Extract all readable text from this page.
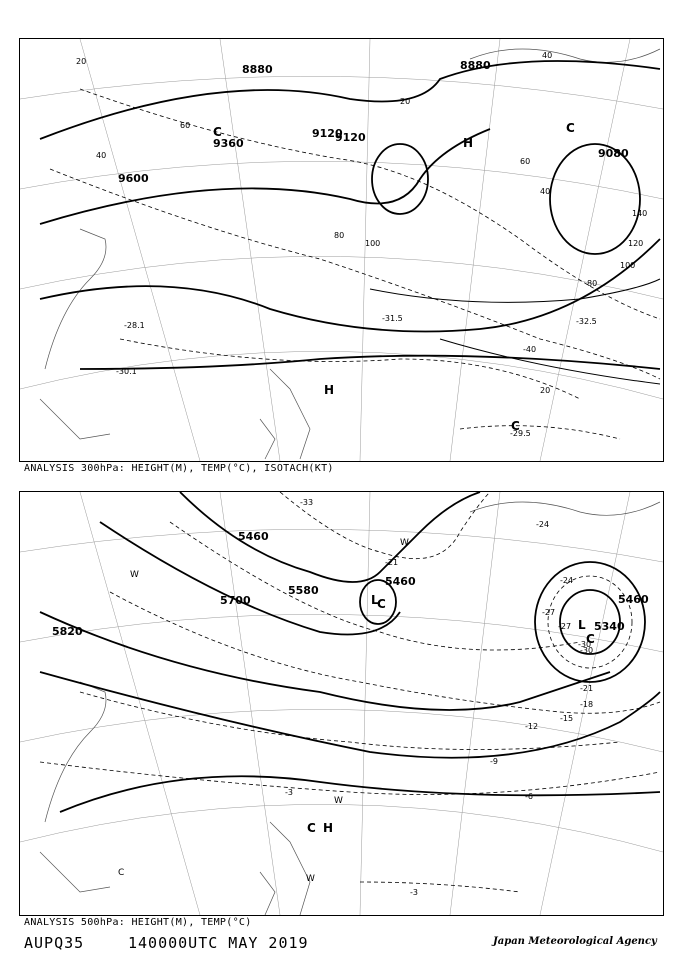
8880
9120
9360
9600
8880
9080
9120
20
40
60
80
100	120
140
20
40
60
80
100
20
40
-40
-28.1
-31.5
-30.1
-29.5
-32.5
H
H
C
C
C
ANALYSIS 300hPa: HEIGHT(M), TEMP(°C), ISOTACH(KT)
5460
5580
5700
5820
5460
5340
5460
-33
-30
-27
-24
-21
-18
-15
-12
-9
-6
-3
-3
-27
-24
-21
-30
L
C
C
L
C H
W
W
W
C
W
ANALYSIS 500hPa: HEIGHT(M), TEMP(°C)
AUPQ35	140000UTC MAY 2019	Japan Meteorological Agency
